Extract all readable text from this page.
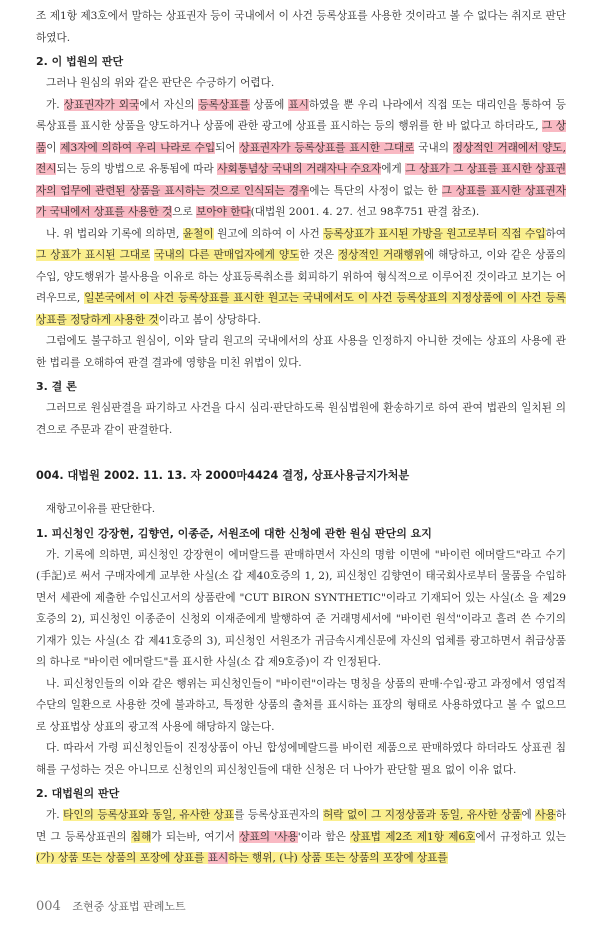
조 제1항 제3호에서 말하는 상표권자 등이 국내에서 이 사건 등록상표를 사용한 것이라고 볼 수 없다는 취지로 판단하였다.

2. 이 법원의 판단

그러나 원심의 위와 같은 판단은 수긍하기 어렵다.

가. 상표권자가 외국에서 자신의 등록상표를 상품에 표시하였을 뿐 우리 나라에서 직접 또는 대리인을 통하여 등록상표를 표시한 상품을 양도하거나 상품에 관한 광고에 상표를 표시하는 등의 행위를 한 바 없다고 하더라도, 그 상품이 제3자에 의하여 우리 나라로 수입되어 상표권자가 등록상표를 표시한 그대로 국내의 정상적인 거래에서 양도, 전시되는 등의 방법으로 유통됨에 따라 사회통념상 국내의 거래자나 수요자에게 그 상표가 그 상표를 표시한 상표권자의 업무에 관련된 상품을 표시하는 것으로 인식되는 경우에는 특단의 사정이 없는 한 그 상표를 표시한 상표권자가 국내에서 상표를 사용한 것으로 보아야 한다(대법원 2001. 4. 27. 선고 98후751 판결 참조).

나. 위 법리와 기록에 의하면, 윤철이 원고에 의하여 이 사건 등록상표가 표시된 가방을 원고로부터 직접 수입하여 그 상표가 표시된 그대로 국내의 다른 판매업자에게 양도한 것은 정상적인 거래행위에 해당하고, 이와 같은 상품의 수입, 양도행위가 불사용을 이유로 하는 상표등록취소를 회피하기 위하여 형식적으로 이루어진 것이라고 보기는 어려우므로, 일본국에서 이 사건 등록상표를 표시한 원고는 국내에서도 이 사건 등록상표의 지정상품에 이 사건 등록상표를 정당하게 사용한 것이라고 봄이 상당하다.

그럼에도 불구하고 원심이, 이와 달리 원고의 국내에서의 상표 사용을 인정하지 아니한 것에는 상표의 사용에 관한 법리를 오해하여 판결 결과에 영향을 미친 위법이 있다.

3. 결 론

그러므로 원심판결을 파기하고 사건을 다시 심리·판단하도록 원심법원에 환송하기로 하여 관여 법관의 일치된 의견으로 주문과 같이 판결한다.

004. 대법원 2002. 11. 13. 자 2000마4424 결정, 상표사용금지가처분

재항고이유를 판단한다.

1. 피신청인 강장현, 김향연, 이종준, 서원조에 대한 신청에 관한 원심 판단의 요지

가. 기록에 의하면, 피신청인 강장현이 에머랄드를 판매하면서 자신의 명함 이면에 "바이런 에머랄드"라고 수기(手記)로 써서 구매자에게 교부한 사실(소 갑 제40호증의 1, 2), 피신청인 김향연이 태국회사로부터 물품을 수입하면서 세관에 제출한 수입신고서의 상품란에 "CUT BIRON SYNTHETIC"이라고 기재되어 있는 사실(소 을 제29호증의 2), 피신청인 이종준이 신청외 이재준에게 발행하여 준 거래명세서에 "바이런 원석"이라고 흘려 쓴 수기의 기재가 있는 사실(소 갑 제41호증의 3), 피신청인 서원조가 귀금속시계신문에 자신의 업체를 광고하면서 취급상품의 하나로 "바이런 에머랄드"를 표시한 사실(소 갑 제9호증)이 각 인정된다.

나. 피신청인들의 이와 같은 행위는 피신청인들이 "바이런"이라는 명칭을 상품의 판매·수입·광고 과정에서 영업적 수단의 일환으로 사용한 것에 불과하고, 특정한 상품의 출처를 표시하는 표장의 형태로 사용하였다고 볼 수 없으므로 상표법상 상표의 광고적 사용에 해당하지 않는다.

다. 따라서 가령 피신청인들이 진정상품이 아닌 합성에메랄드를 바이런 제품으로 판매하였다 하더라도 상표권 침해를 구성하는 것은 아니므로 신청인의 피신청인들에 대한 신청은 더 나아가 판단할 필요 없이 이유 없다.

2. 대법원의 판단

가. 타인의 등록상표와 동일, 유사한 상표를 등록상표권자의 허락 없이 그 지정상품과 동일, 유사한 상품에 사용하면 그 등록상표권의 침해가 되는바, 여기서 상표의 '사용'이라 함은 상표법 제2조 제1항 제6호에서 규정하고 있는 (가) 상품 또는 상품의 포장에 상표를 표시하는 행위, (나) 상품 또는 상품의 포장에 상표를

004 조현중 상표법 판례노트
